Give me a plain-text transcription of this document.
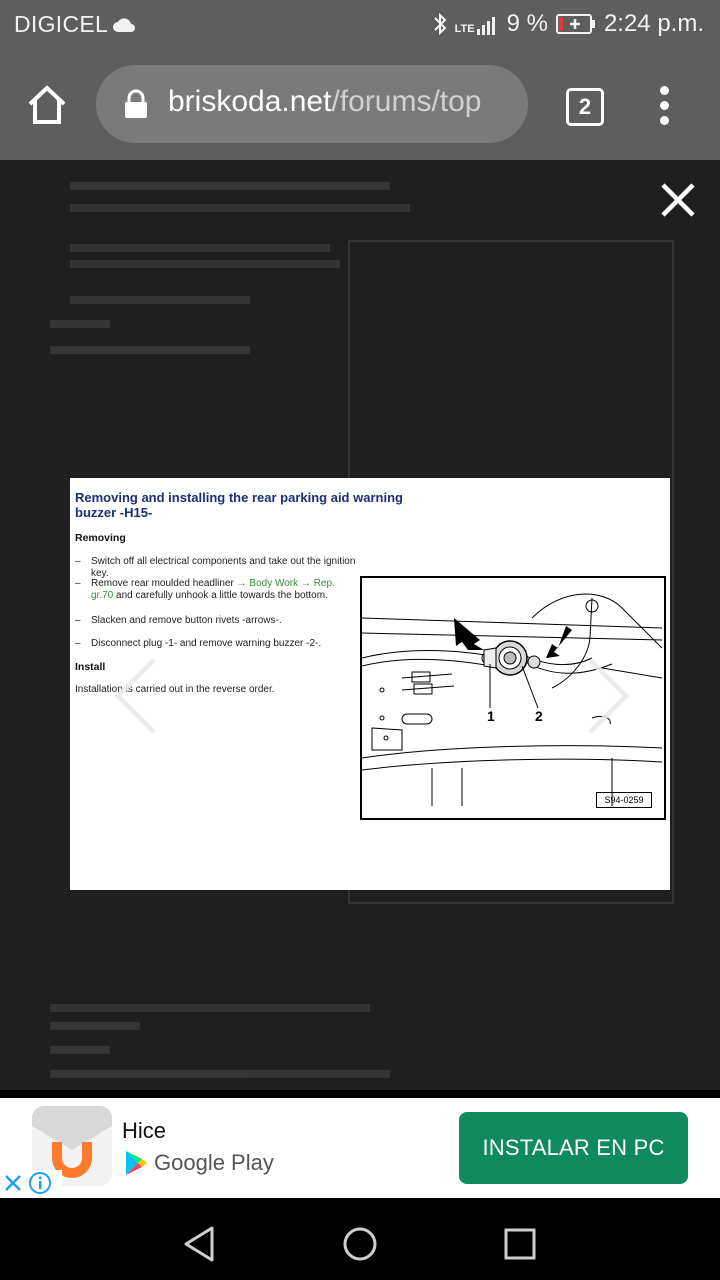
DIGICEL	LTE 9 % 2:24 p.m.
briskoda.net/forums/top	2
Removing and installing the rear parking aid warning buzzer -H15-
Removing
– Switch off all electrical components and take out the ignition key.
– Remove rear moulded headliner → Body Work → Rep. gr.70 and carefully unhook a little towards the bottom.
– Slacken and remove button rivets -arrows-.
– Disconnect plug -1- and remove warning buzzer -2-.
Install
Installation is carried out in the reverse order.
1	2
S94-0259
Hice
Google Play
INSTALAR EN PC
